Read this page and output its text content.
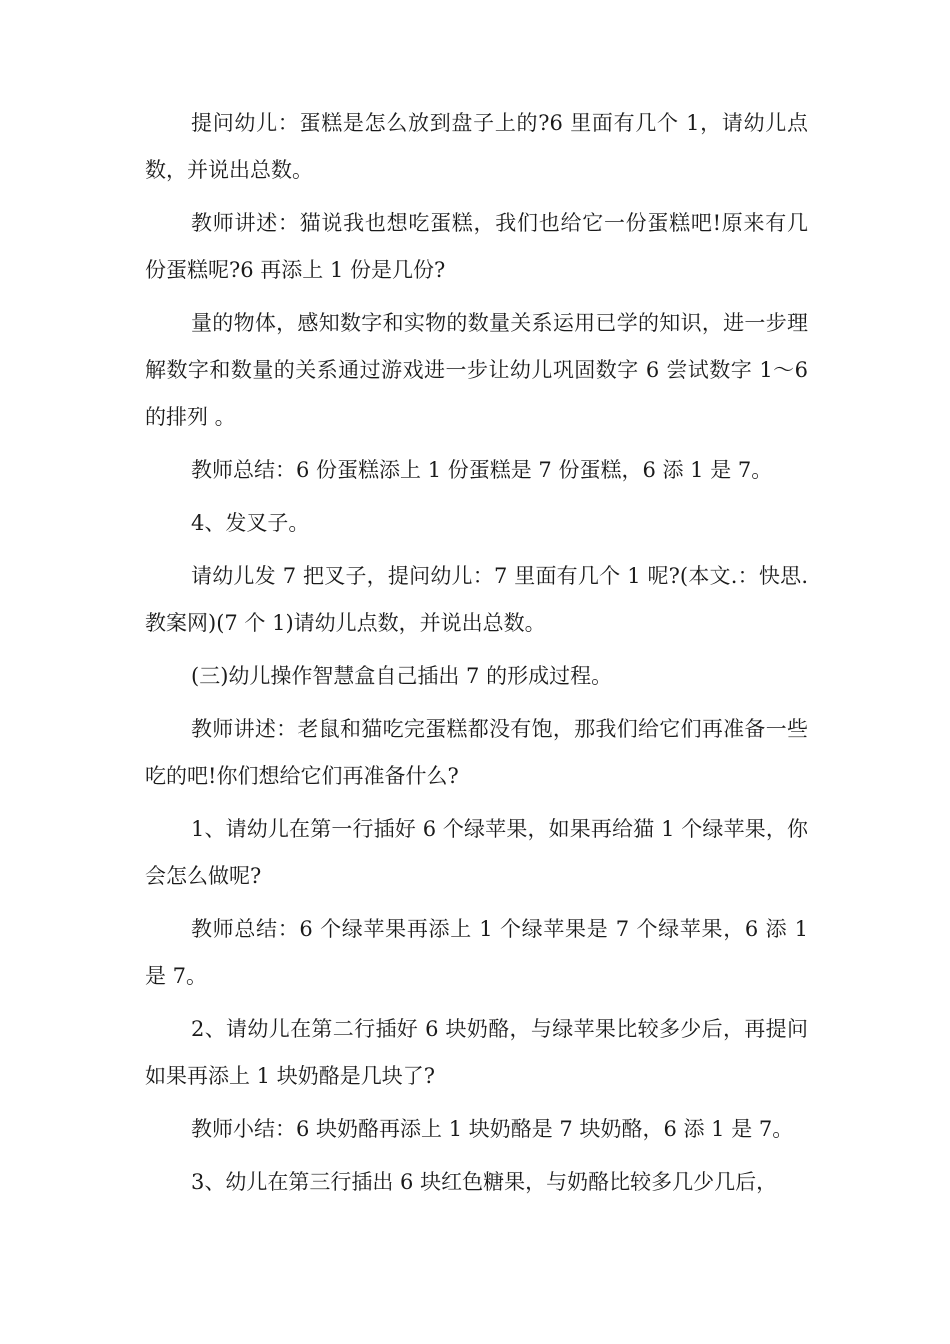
提问幼儿：蛋糕是怎么放到盘子上的?6 里面有几个 1，请幼儿点数，并说出总数。

教师讲述：猫说我也想吃蛋糕，我们也给它一份蛋糕吧!原来有几份蛋糕呢?6 再添上 1 份是几份?

量的物体，感知数字和实物的数量关系运用已学的知识，进一步理解数字和数量的关系通过游戏进一步让幼儿巩固数字 6 尝试数字 1～6 的排列 。

教师总结：6 份蛋糕添上 1 份蛋糕是 7 份蛋糕，6 添 1 是 7。

4、发叉子。

请幼儿发 7 把叉子，提问幼儿：7 里面有几个 1 呢?(本文.：快思.教案网)(7 个 1)请幼儿点数，并说出总数。

(三)幼儿操作智慧盒自己插出 7 的形成过程。

教师讲述：老鼠和猫吃完蛋糕都没有饱，那我们给它们再准备一些吃的吧!你们想给它们再准备什么?

1、请幼儿在第一行插好 6 个绿苹果，如果再给猫 1 个绿苹果，你会怎么做呢?

教师总结：6 个绿苹果再添上 1 个绿苹果是 7 个绿苹果，6 添 1 是 7。

2、请幼儿在第二行插好 6 块奶酪，与绿苹果比较多少后，再提问如果再添上 1 块奶酪是几块了?

教师小结：6 块奶酪再添上 1 块奶酪是 7 块奶酪，6 添 1 是 7。

3、幼儿在第三行插出 6 块红色糖果，与奶酪比较多几少几后，
